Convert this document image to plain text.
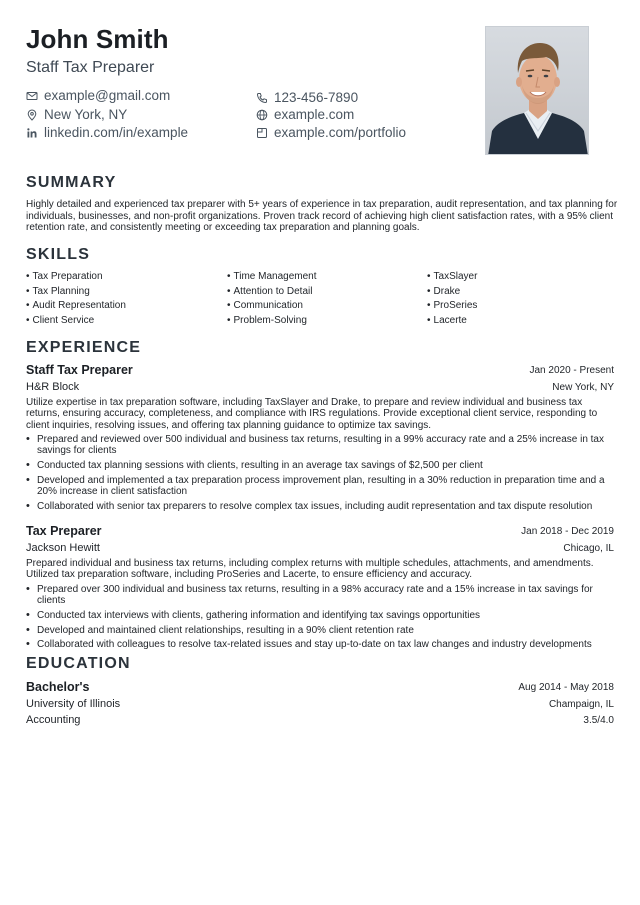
John Smith
Staff Tax Preparer
example@gmail.com	123-456-7890
New York, NY	example.com
linkedin.com/in/example	example.com/portfolio
SUMMARY
Highly detailed and experienced tax preparer with 5+ years of experience in tax preparation, audit representation, and tax planning for individuals, businesses, and non-profit organizations. Proven track record of achieving high client satisfaction rates, with a 95% client retention rate, and consistently meeting or exceeding tax preparation and planning goals.
SKILLS
• Tax Preparation
• Tax Planning
• Audit Representation
• Client Service
• Time Management
• Attention to Detail
• Communication
• Problem-Solving
• TaxSlayer
• Drake
• ProSeries
• Lacerte
EXPERIENCE
Staff Tax Preparer	Jan 2020 - Present
H&R Block	New York, NY
Utilize expertise in tax preparation software, including TaxSlayer and Drake, to prepare and review individual and business tax returns, ensuring accuracy, completeness, and compliance with IRS regulations. Provide exceptional client service, responding to client inquiries, resolving issues, and offering tax planning guidance to optimize tax savings.
• Prepared and reviewed over 500 individual and business tax returns, resulting in a 99% accuracy rate and a 25% increase in tax savings for clients
• Conducted tax planning sessions with clients, resulting in an average tax savings of $2,500 per client
• Developed and implemented a tax preparation process improvement plan, resulting in a 30% reduction in preparation time and a 20% increase in client satisfaction
• Collaborated with senior tax preparers to resolve complex tax issues, including audit representation and tax dispute resolution
Tax Preparer	Jan 2018 - Dec 2019
Jackson Hewitt	Chicago, IL
Prepared individual and business tax returns, including complex returns with multiple schedules, attachments, and amendments. Utilized tax preparation software, including ProSeries and Lacerte, to ensure efficiency and accuracy.
• Prepared over 300 individual and business tax returns, resulting in a 98% accuracy rate and a 15% increase in tax savings for clients
• Conducted tax interviews with clients, gathering information and identifying tax savings opportunities
• Developed and maintained client relationships, resulting in a 90% client retention rate
• Collaborated with colleagues to resolve tax-related issues and stay up-to-date on tax law changes and industry developments
EDUCATION
Bachelor's	Aug 2014 - May 2018
University of Illinois	Champaign, IL
Accounting	3.5/4.0
